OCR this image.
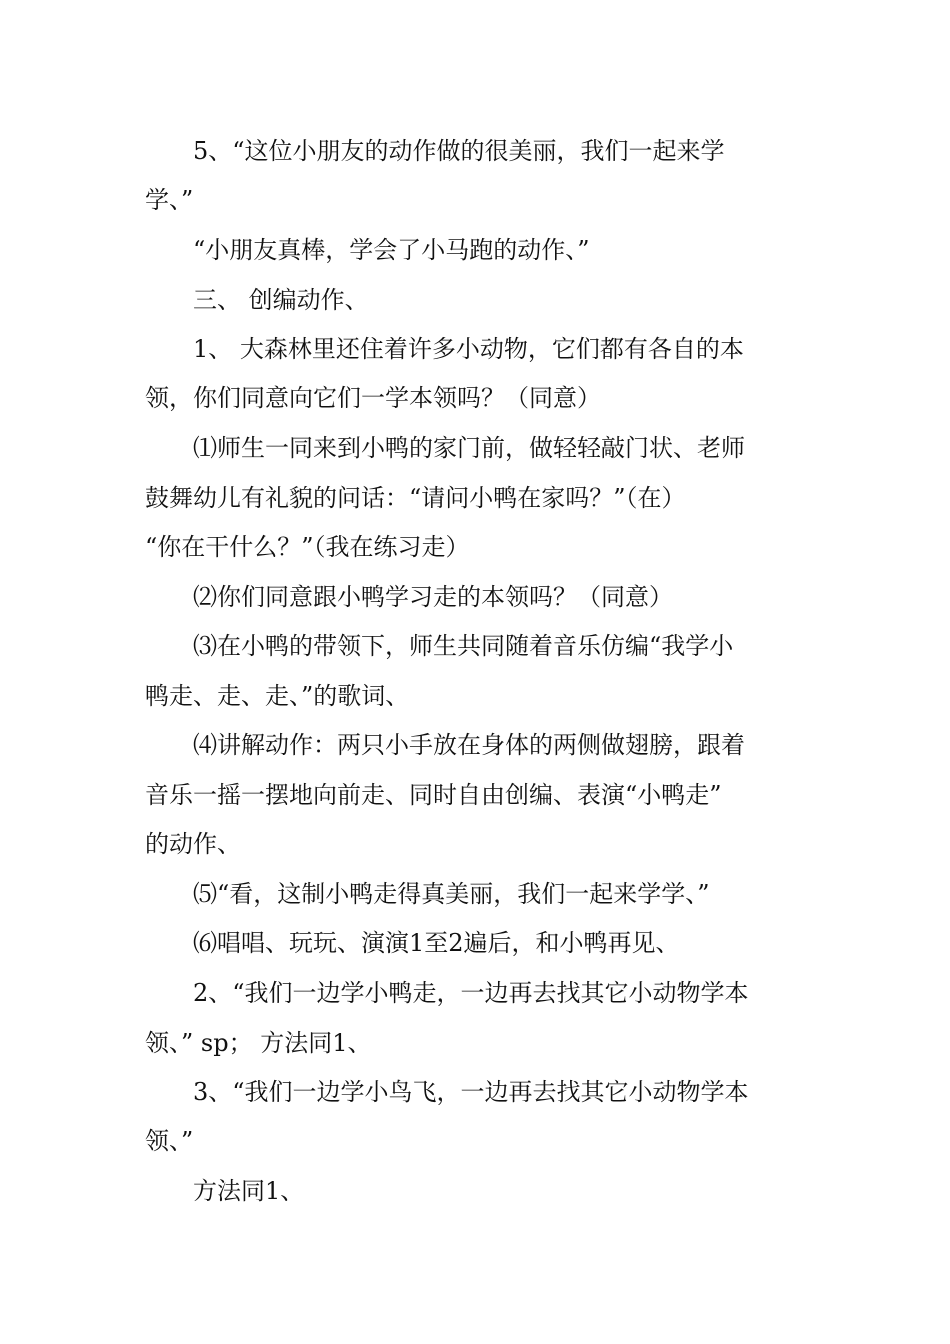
5、“这位小朋友的动作做的很美丽，我们一起来学
学、”
“小朋友真棒，学会了小马跑的动作、”
三、 创编动作、
1、 大森林里还住着许多小动物，它们都有各自的本
领，你们同意向它们一学本领吗？（同意）
⑴师生一同来到小鸭的家门前，做轻轻敲门状、老师
鼓舞幼儿有礼貌的问话：“请问小鸭在家吗？”（在）
“你在干什么？”（我在练习走）
⑵你们同意跟小鸭学习走的本领吗？（同意）
⑶在小鸭的带领下，师生共同随着音乐仿编“我学小
鸭走、走、走、”的歌词、
⑷讲解动作：两只小手放在身体的两侧做翅膀，跟着
音乐一摇一摆地向前走、同时自由创编、表演“小鸭走”
的动作、
⑸“看，这制小鸭走得真美丽，我们一起来学学、”
⑹唱唱、玩玩、演演1至2遍后，和小鸭再见、
2、“我们一边学小鸭走，一边再去找其它小动物学本
领、” sp； 方法同1、
3、“我们一边学小鸟飞，一边再去找其它小动物学本
领、”
方法同1、
